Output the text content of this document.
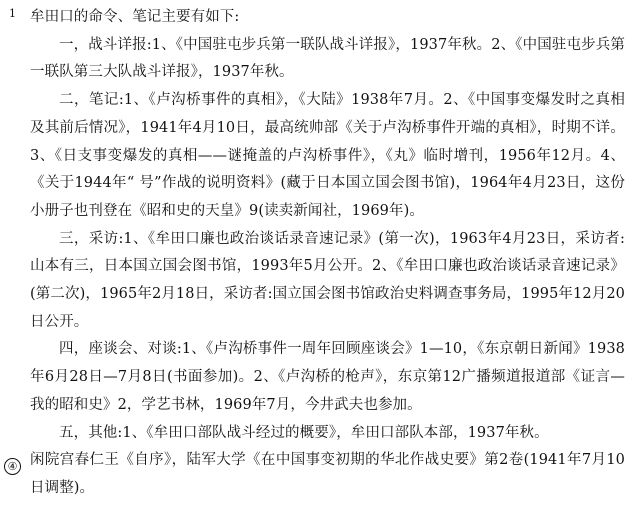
1
④

牟田口的命令、笔记主要有如下:

一，战斗详报:1、《中国驻屯步兵第一联队战斗详报》，1937年秋。2、《中国驻屯步兵第一联队第三大队战斗详报》，1937年秋。

二，笔记:1、《卢沟桥事件的真相》，《大陆》1938年7月。2、《中国事变爆发时之真相及其前后情况》，1941年4月10日，最高统帅部《关于卢沟桥事件开端的真相》，时期不详。3、《日支事变爆发的真相——谜掩盖的卢沟桥事件》，《丸》临时增刊，1956年12月。4、《关于1944年“ 号”作战的说明资料》(藏于日本国立国会图书馆)，1964年4月23日，这份小册子也刊登在《昭和史的天皇》9(读卖新闻社，1969年)。

三，采访:1、《牟田口廉也政治谈话录音速记录》(第一次)，1963年4月23日，采访者:山本有三，日本国立国会图书馆，1993年5月公开。2、《牟田口廉也政治谈话录音速记录》(第二次)，1965年2月18日，采访者:国立国会图书馆政治史料调查事务局，1995年12月20日公开。

四，座谈会、对谈:1、《卢沟桥事件一周年回顾座谈会》1—10，《东京朝日新闻》1938年6月28日—7月8日(书面参加)。2、《卢沟桥的枪声》，东京第12广播频道报道部《证言—我的昭和史》2，学艺书林，1969年7月，今井武夫也参加。

五，其他:1、《牟田口部队战斗经过的概要》，牟田口部队本部，1937年秋。

闲院宫春仁王《自序》，陆军大学《在中国事变初期的华北作战史要》第2卷(1941年7月10日调整)。
